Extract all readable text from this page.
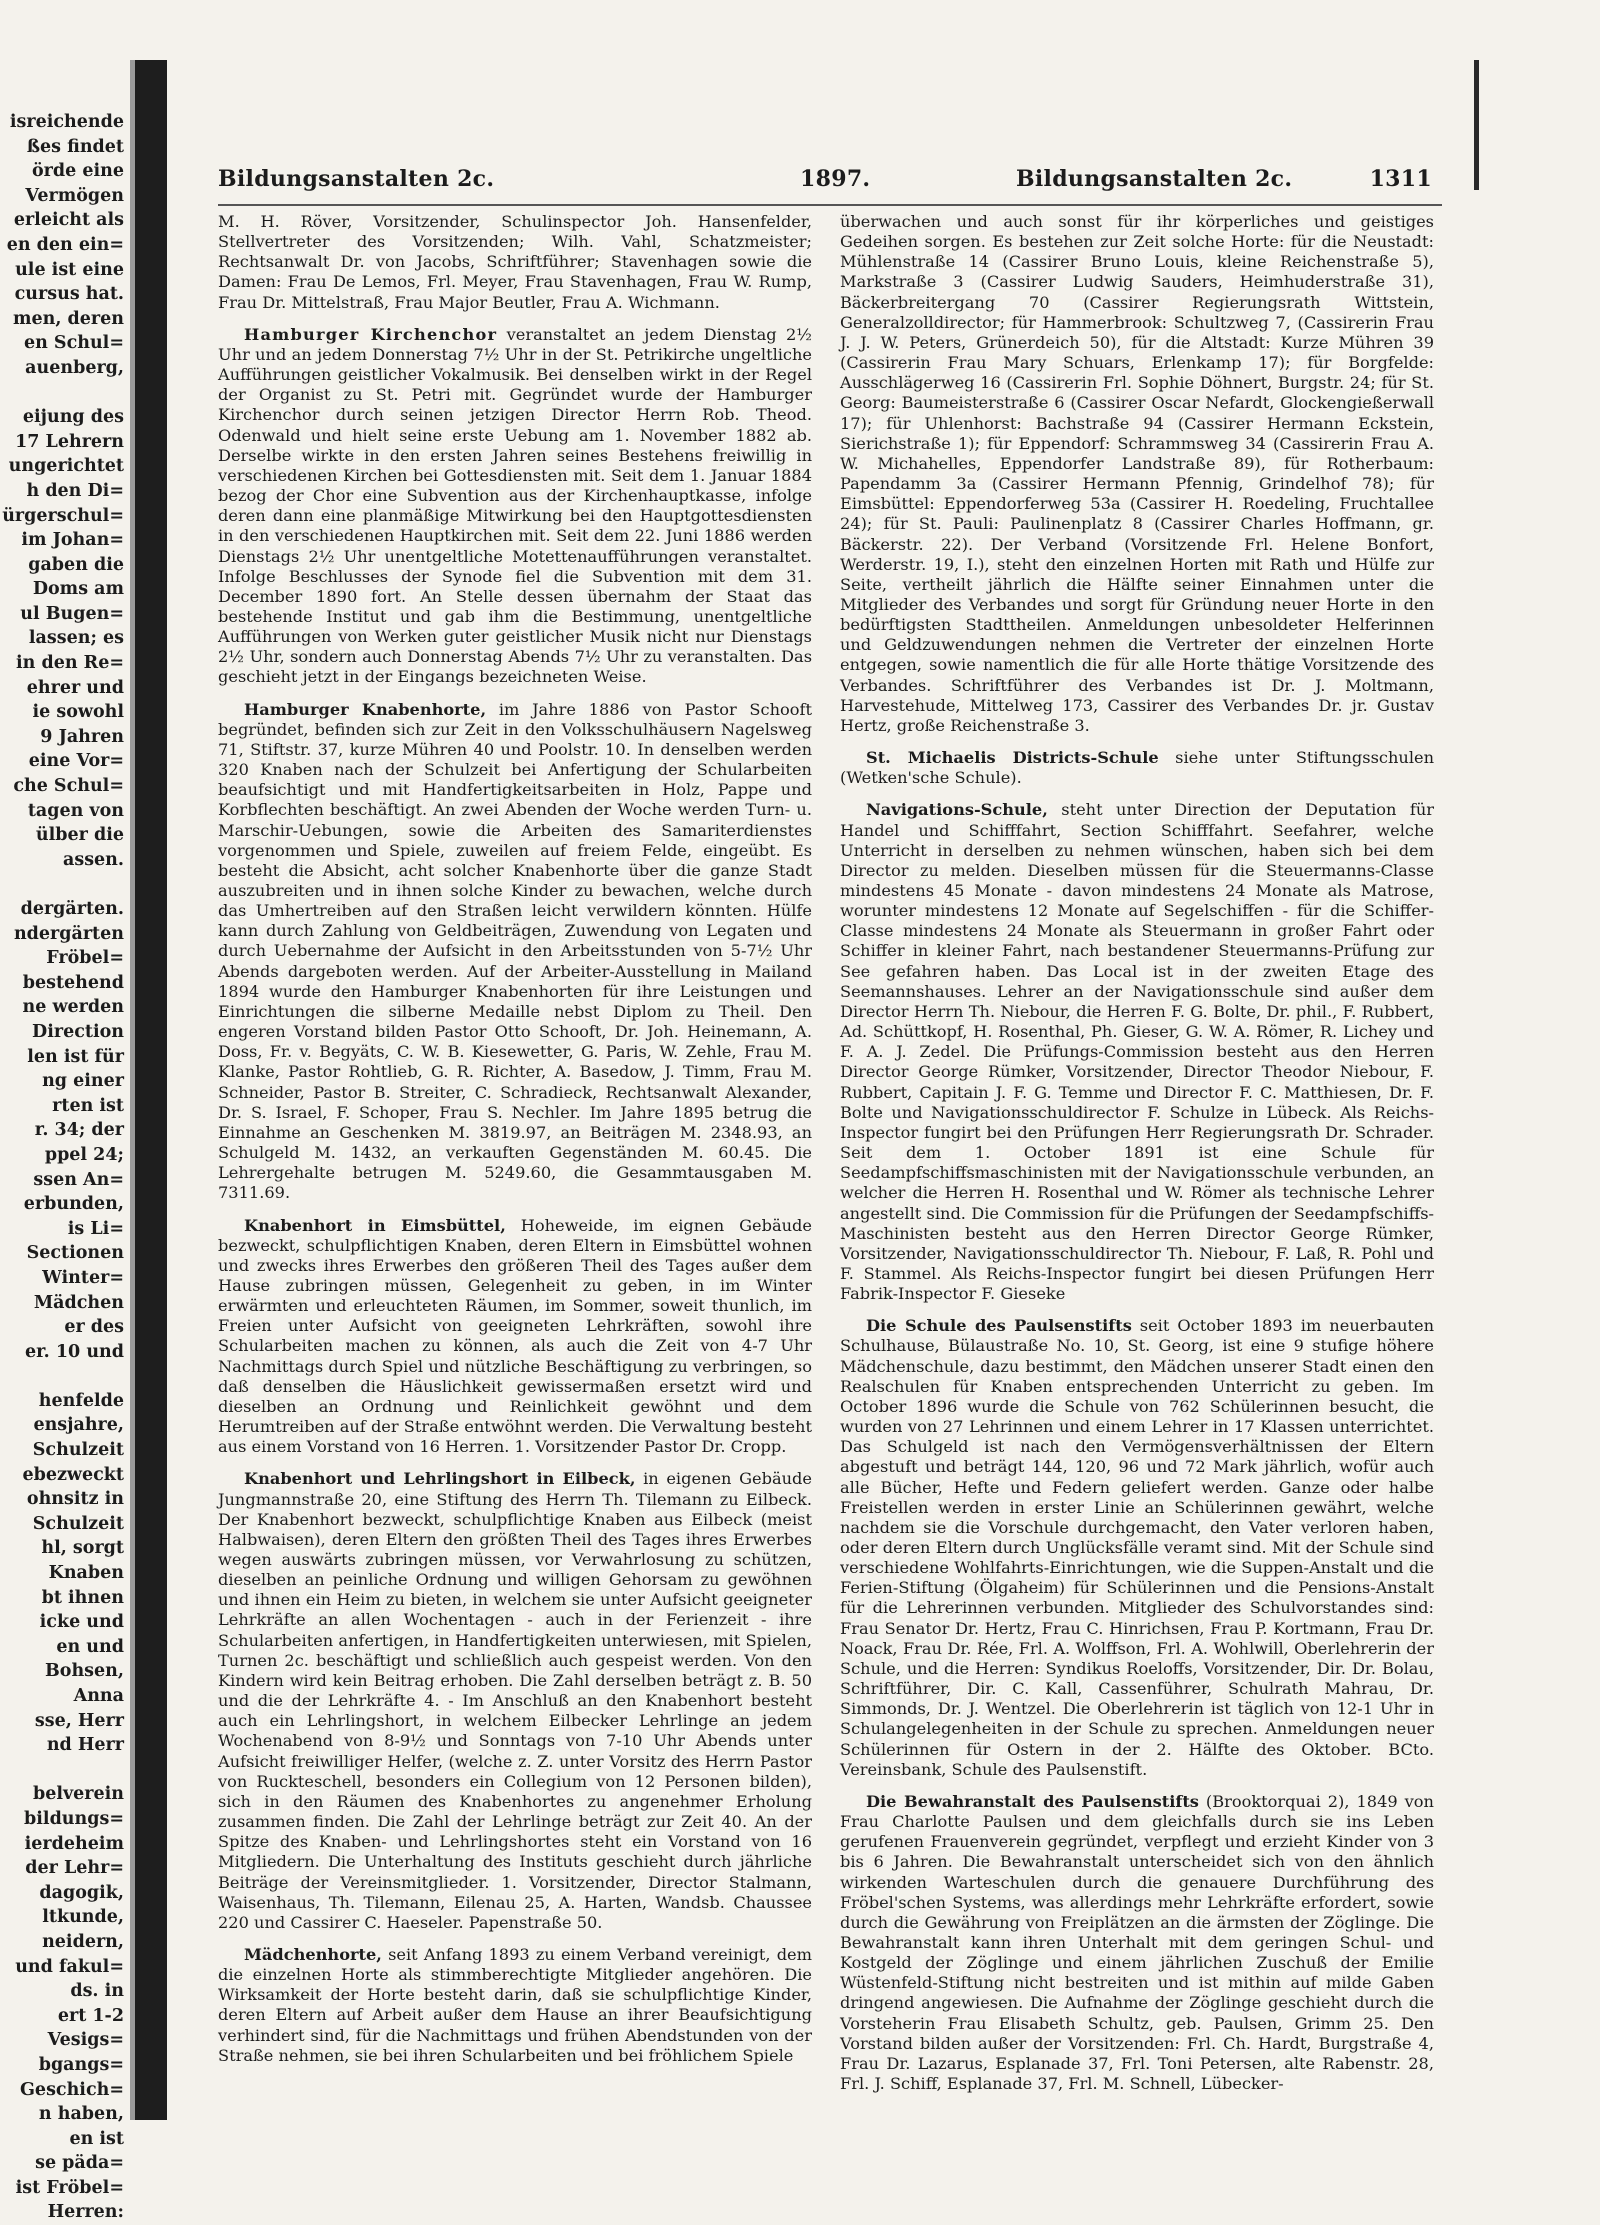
isreichende

ßes findet

örde eine

Vermögen

erleicht als

en den ein=

ule ist eine

cursus hat.

men, deren

en Schul=

auenberg,

eijung des

17 Lehrern

ungerichtet

h den Di=

ürgerschul=

im Johan=

gaben die

Doms am

ul Bugen=

lassen; es

in den Re=

ehrer und

ie sowohl

9 Jahren

eine Vor=

che Schul=

tagen von

ülber die

assen.

dergärten.

ndergärten

Fröbel=

bestehend

ne werden

Direction

len ist für

ng einer

rten ist

r. 34; der

ppel 24;

ssen An=

erbunden,

is Li=

Sectionen

Winter=

Mädchen

er des

er. 10 und

henfelde

ensjahre,

Schulzeit

ebezweckt

ohnsitz in

Schulzeit

hl, sorgt

Knaben

bt ihnen

icke und

en und

Bohsen,

Anna

sse, Herr

nd Herr

belverein

bildungs=

ierdeheim

der Lehr=

dagogik,

ltkunde,

neidern,

und fakul=

ds. in

ert 1-2

Vesigs=

bgangs=

Geschich=

n haben,

en ist

se päda=

ist Fröbel=

Herren:

Bildungsanstalten 2c.	1897.	Bildungsanstalten 2c.	1311

M. H. Röver, Vorsitzender, Schulinspector Joh. Hansenfelder, Stellvertreter des Vorsitzenden; Wilh. Vahl, Schatzmeister; Rechtsanwalt Dr. von Jacobs, Schriftführer; Stavenhagen sowie die Damen: Frau De Lemos, Frl. Meyer, Frau Stavenhagen, Frau W. Rump, Frau Dr. Mittelstraß, Frau Major Beutler, Frau A. Wichmann.

Hamburger Kirchenchor veranstaltet an jedem Dienstag 2½ Uhr und an jedem Donnerstag 7½ Uhr in der St. Petrikirche ungeltliche Aufführungen geistlicher Vokalmusik. Bei denselben wirkt in der Regel der Organist zu St. Petri mit. Gegründet wurde der Hamburger Kirchenchor durch seinen jetzigen Director Herrn Rob. Theod. Odenwald und hielt seine erste Uebung am 1. November 1882 ab. Derselbe wirkte in den ersten Jahren seines Bestehens freiwillig in verschiedenen Kirchen bei Gottesdiensten mit. Seit dem 1. Januar 1884 bezog der Chor eine Subvention aus der Kirchenhauptkasse, infolge deren dann eine planmäßige Mitwirkung bei den Hauptgottesdiensten in den verschiedenen Hauptkirchen mit. Seit dem 22. Juni 1886 werden Dienstags 2½ Uhr unentgeltliche Motettenaufführungen veranstaltet. Infolge Beschlusses der Synode fiel die Subvention mit dem 31. December 1890 fort. An Stelle dessen übernahm der Staat das bestehende Institut und gab ihm die Bestimmung, unentgeltliche Aufführungen von Werken guter geistlicher Musik nicht nur Dienstags 2½ Uhr, sondern auch Donnerstag Abends 7½ Uhr zu veranstalten. Das geschieht jetzt in der Eingangs bezeichneten Weise.

Hamburger Knabenhorte, im Jahre 1886 von Pastor Schooft begründet, befinden sich zur Zeit in den Volksschulhäusern Nagelsweg 71, Stiftstr. 37, kurze Mühren 40 und Poolstr. 10. In denselben werden 320 Knaben nach der Schulzeit bei Anfertigung der Schularbeiten beaufsichtigt und mit Handfertigkeitsarbeiten in Holz, Pappe und Korbflechten beschäftigt. An zwei Abenden der Woche werden Turn- u. Marschir-Uebungen, sowie die Arbeiten des Samariterdienstes vorgenommen und Spiele, zuweilen auf freiem Felde, eingeübt. Es besteht die Absicht, acht solcher Knabenhorte über die ganze Stadt auszubreiten und in ihnen solche Kinder zu bewachen, welche durch das Umhertreiben auf den Straßen leicht verwildern könnten. Hülfe kann durch Zahlung von Geldbeiträgen, Zuwendung von Legaten und durch Uebernahme der Aufsicht in den Arbeitsstunden von 5-7½ Uhr Abends dargeboten werden. Auf der Arbeiter-Ausstellung in Mailand 1894 wurde den Hamburger Knabenhorten für ihre Leistungen und Einrichtungen die silberne Medaille nebst Diplom zu Theil. Den engeren Vorstand bilden Pastor Otto Schooft, Dr. Joh. Heinemann, A. Doss, Fr. v. Begyäts, C. W. B. Kiesewetter, G. Paris, W. Zehle, Frau M. Klanke, Pastor Rohtlieb, G. R. Richter, A. Basedow, J. Timm, Frau M. Schneider, Pastor B. Streiter, C. Schradieck, Rechtsanwalt Alexander, Dr. S. Israel, F. Schoper, Frau S. Nechler. Im Jahre 1895 betrug die Einnahme an Geschenken M. 3819.97, an Beiträgen M. 2348.93, an Schulgeld M. 1432, an verkauften Gegenständen M. 60.45. Die Lehrergehalte betrugen M. 5249.60, die Gesammtausgaben M. 7311.69.

Knabenhort in Eimsbüttel, Hoheweide, im eignen Gebäude bezweckt, schulpflichtigen Knaben, deren Eltern in Eimsbüttel wohnen und zwecks ihres Erwerbes den größeren Theil des Tages außer dem Hause zubringen müssen, Gelegenheit zu geben, in im Winter erwärmten und erleuchteten Räumen, im Sommer, soweit thunlich, im Freien unter Aufsicht von geeigneten Lehrkräften, sowohl ihre Schularbeiten machen zu können, als auch die Zeit von 4-7 Uhr Nachmittags durch Spiel und nützliche Beschäftigung zu verbringen, so daß denselben die Häuslichkeit gewissermaßen ersetzt wird und dieselben an Ordnung und Reinlichkeit gewöhnt und dem Herumtreiben auf der Straße entwöhnt werden. Die Verwaltung besteht aus einem Vorstand von 16 Herren. 1. Vorsitzender Pastor Dr. Cropp.

Knabenhort und Lehrlingshort in Eilbeck, in eigenen Gebäude Jungmannstraße 20, eine Stiftung des Herrn Th. Tilemann zu Eilbeck. Der Knabenhort bezweckt, schulpflichtige Knaben aus Eilbeck (meist Halbwaisen), deren Eltern den größten Theil des Tages ihres Erwerbes wegen auswärts zubringen müssen, vor Verwahrlosung zu schützen, dieselben an peinliche Ordnung und willigen Gehorsam zu gewöhnen und ihnen ein Heim zu bieten, in welchem sie unter Aufsicht geeigneter Lehrkräfte an allen Wochentagen - auch in der Ferienzeit - ihre Schularbeiten anfertigen, in Handfertigkeiten unterwiesen, mit Spielen, Turnen 2c. beschäftigt und schließlich auch gespeist werden. Von den Kindern wird kein Beitrag erhoben. Die Zahl derselben beträgt z. B. 50 und die der Lehrkräfte 4. - Im Anschluß an den Knabenhort besteht auch ein Lehrlingshort, in welchem Eilbecker Lehrlinge an jedem Wochenabend von 8-9½ und Sonntags von 7-10 Uhr Abends unter Aufsicht freiwilliger Helfer, (welche z. Z. unter Vorsitz des Herrn Pastor von Ruckteschell, besonders ein Collegium von 12 Personen bilden), sich in den Räumen des Knabenhortes zu angenehmer Erholung zusammen finden. Die Zahl der Lehrlinge beträgt zur Zeit 40. An der Spitze des Knaben- und Lehrlingshortes steht ein Vorstand von 16 Mitgliedern. Die Unterhaltung des Instituts geschieht durch jährliche Beiträge der Vereinsmitglieder. 1. Vorsitzender, Director Stalmann, Waisenhaus, Th. Tilemann, Eilenau 25, A. Harten, Wandsb. Chaussee 220 und Cassirer C. Haeseler. Papenstraße 50.

Mädchenhorte, seit Anfang 1893 zu einem Verband vereinigt, dem die einzelnen Horte als stimmberechtigte Mitglieder angehören. Die Wirksamkeit der Horte besteht darin, daß sie schulpflichtige Kinder, deren Eltern auf Arbeit außer dem Hause an ihrer Beaufsichtigung verhindert sind, für die Nachmittags und frühen Abendstunden von der Straße nehmen, sie bei ihren Schularbeiten und bei fröhlichem Spiele

überwachen und auch sonst für ihr körperliches und geistiges Gedeihen sorgen. Es bestehen zur Zeit solche Horte: für die Neustadt: Mühlenstraße 14 (Cassirer Bruno Louis, kleine Reichenstraße 5), Markstraße 3 (Cassirer Ludwig Sauders, Heimhuderstraße 31), Bäckerbreitergang 70 (Cassirer Regierungsrath Wittstein, Generalzolldirector; für Hammerbrook: Schultzweg 7, (Cassirerin Frau J. J. W. Peters, Grünerdeich 50), für die Altstadt: Kurze Mühren 39 (Cassirerin Frau Mary Schuars, Erlenkamp 17); für Borgfelde: Ausschlägerweg 16 (Cassirerin Frl. Sophie Döhnert, Burgstr. 24; für St. Georg: Baumeisterstraße 6 (Cassirer Oscar Nefardt, Glockengießerwall 17); für Uhlenhorst: Bachstraße 94 (Cassirer Hermann Eckstein, Sierichstraße 1); für Eppendorf: Schrammsweg 34 (Cassirerin Frau A. W. Michahelles, Eppendorfer Landstraße 89), für Rotherbaum: Papendamm 3a (Cassirer Hermann Pfennig, Grindelhof 78); für Eimsbüttel: Eppendorferweg 53a (Cassirer H. Roedeling, Fruchtallee 24); für St. Pauli: Paulinenplatz 8 (Cassirer Charles Hoffmann, gr. Bäckerstr. 22). Der Verband (Vorsitzende Frl. Helene Bonfort, Werderstr. 19, I.), steht den einzelnen Horten mit Rath und Hülfe zur Seite, vertheilt jährlich die Hälfte seiner Einnahmen unter die Mitglieder des Verbandes und sorgt für Gründung neuer Horte in den bedürftigsten Stadttheilen. Anmeldungen unbesoldeter Helferinnen und Geldzuwendungen nehmen die Vertreter der einzelnen Horte entgegen, sowie namentlich die für alle Horte thätige Vorsitzende des Verbandes. Schriftführer des Verbandes ist Dr. J. Moltmann, Harvestehude, Mittelweg 173, Cassirer des Verbandes Dr. jr. Gustav Hertz, große Reichenstraße 3.

St. Michaelis Districts-Schule siehe unter Stiftungsschulen (Wetken'sche Schule).

Navigations-Schule, steht unter Direction der Deputation für Handel und Schifffahrt, Section Schifffahrt. Seefahrer, welche Unterricht in derselben zu nehmen wünschen, haben sich bei dem Director zu melden. Dieselben müssen für die Steuermanns-Classe mindestens 45 Monate - davon mindestens 24 Monate als Matrose, worunter mindestens 12 Monate auf Segelschiffen - für die Schiffer-Classe mindestens 24 Monate als Steuermann in großer Fahrt oder Schiffer in kleiner Fahrt, nach bestandener Steuermanns-Prüfung zur See gefahren haben. Das Local ist in der zweiten Etage des Seemannshauses. Lehrer an der Navigationsschule sind außer dem Director Herrn Th. Niebour, die Herren F. G. Bolte, Dr. phil., F. Rubbert, Ad. Schüttkopf, H. Rosenthal, Ph. Gieser, G. W. A. Römer, R. Lichey und F. A. J. Zedel. Die Prüfungs-Commission besteht aus den Herren Director George Rümker, Vorsitzender, Director Theodor Niebour, F. Rubbert, Capitain J. F. G. Temme und Director F. C. Matthiesen, Dr. F. Bolte und Navigationsschuldirector F. Schulze in Lübeck. Als Reichs-Inspector fungirt bei den Prüfungen Herr Regierungsrath Dr. Schrader. Seit dem 1. October 1891 ist eine Schule für Seedampfschiffsmaschinisten mit der Navigationsschule verbunden, an welcher die Herren H. Rosenthal und W. Römer als technische Lehrer angestellt sind. Die Commission für die Prüfungen der Seedampfschiffs-Maschinisten besteht aus den Herren Director George Rümker, Vorsitzender, Navigationsschuldirector Th. Niebour, F. Laß, R. Pohl und F. Stammel. Als Reichs-Inspector fungirt bei diesen Prüfungen Herr Fabrik-Inspector F. Gieseke

Die Schule des Paulsenstifts seit October 1893 im neuerbauten Schulhause, Bülaustraße No. 10, St. Georg, ist eine 9 stufige höhere Mädchenschule, dazu bestimmt, den Mädchen unserer Stadt einen den Realschulen für Knaben entsprechenden Unterricht zu geben. Im October 1896 wurde die Schule von 762 Schülerinnen besucht, die wurden von 27 Lehrinnen und einem Lehrer in 17 Klassen unterrichtet. Das Schulgeld ist nach den Vermögensverhältnissen der Eltern abgestuft und beträgt 144, 120, 96 und 72 Mark jährlich, wofür auch alle Bücher, Hefte und Federn geliefert werden. Ganze oder halbe Freistellen werden in erster Linie an Schülerinnen gewährt, welche nachdem sie die Vorschule durchgemacht, den Vater verloren haben, oder deren Eltern durch Unglücksfälle veramt sind. Mit der Schule sind verschiedene Wohlfahrts-Einrichtungen, wie die Suppen-Anstalt und die Ferien-Stiftung (Ölgaheim) für Schülerinnen und die Pensions-Anstalt für die Lehrerinnen verbunden. Mitglieder des Schulvorstandes sind: Frau Senator Dr. Hertz, Frau C. Hinrichsen, Frau P. Kortmann, Frau Dr. Noack, Frau Dr. Rée, Frl. A. Wolffson, Frl. A. Wohlwill, Oberlehrerin der Schule, und die Herren: Syndikus Roeloffs, Vorsitzender, Dir. Dr. Bolau, Schriftführer, Dir. C. Kall, Cassenführer, Schulrath Mahrau, Dr. Simmonds, Dr. J. Wentzel. Die Oberlehrerin ist täglich von 12-1 Uhr in Schulangelegenheiten in der Schule zu sprechen. Anmeldungen neuer Schülerinnen für Ostern in der 2. Hälfte des Oktober. BCto. Vereinsbank, Schule des Paulsenstift.

Die Bewahranstalt des Paulsenstifts (Brooktorquai 2), 1849 von Frau Charlotte Paulsen und dem gleichfalls durch sie ins Leben gerufenen Frauenverein gegründet, verpflegt und erzieht Kinder von 3 bis 6 Jahren. Die Bewahranstalt unterscheidet sich von den ähnlich wirkenden Warteschulen durch die genauere Durchführung des Fröbel'schen Systems, was allerdings mehr Lehrkräfte erfordert, sowie durch die Gewährung von Freiplätzen an die ärmsten der Zöglinge. Die Bewahranstalt kann ihren Unterhalt mit dem geringen Schul- und Kostgeld der Zöglinge und einem jährlichen Zuschuß der Emilie Wüstenfeld-Stiftung nicht bestreiten und ist mithin auf milde Gaben dringend angewiesen. Die Aufnahme der Zöglinge geschieht durch die Vorsteherin Frau Elisabeth Schultz, geb. Paulsen, Grimm 25. Den Vorstand bilden außer der Vorsitzenden: Frl. Ch. Hardt, Burgstraße 4, Frau Dr. Lazarus, Esplanade 37, Frl. Toni Petersen, alte Rabenstr. 28, Frl. J. Schiff, Esplanade 37, Frl. M. Schnell, Lübecker-
